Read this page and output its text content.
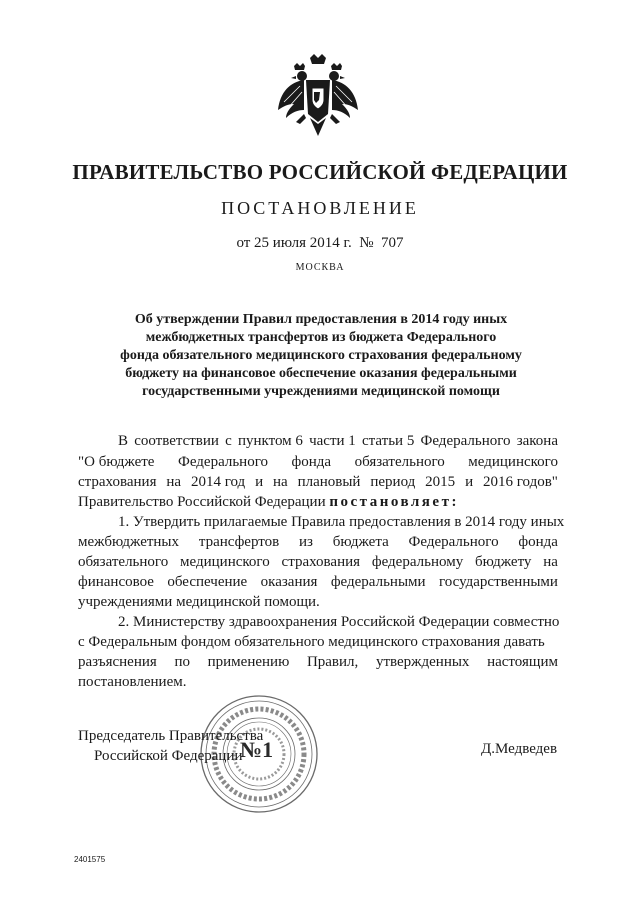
ПРАВИТЕЛЬСТВО РОССИЙСКОЙ ФЕДЕРАЦИИ
ПОСТАНОВЛЕНИЕ
от 25 июля 2014 г.  №  707
МОСКВА
Об утверждении Правил предоставления в 2014 году иных
межбюджетных трансфертов из бюджета Федерального
фонда обязательного медицинского страхования федеральному
бюджету на финансовое обеспечение оказания федеральными
государственными учреждениями медицинской помощи
В соответствии с пунктом 6 части 1 статьи 5 Федерального закона
"О бюджете Федерального фонда обязательного медицинского
страхования на 2014 год и на плановый период 2015 и 2016 годов"
Правительство Российской Федерации постановляет:
1. Утвердить прилагаемые Правила предоставления в 2014 году иных
межбюджетных трансфертов из бюджета Федерального фонда
обязательного медицинского страхования федеральному бюджету на
финансовое обеспечение оказания федеральными государственными
учреждениями медицинской помощи.
2. Министерству здравоохранения Российской Федерации совместно
с Федеральным фондом обязательного медицинского страхования давать
разъяснения по применению Правил, утвержденных настоящим
постановлением.
Председатель Правительства
Российской Федерации
№1	Д.Медведев
2401575
